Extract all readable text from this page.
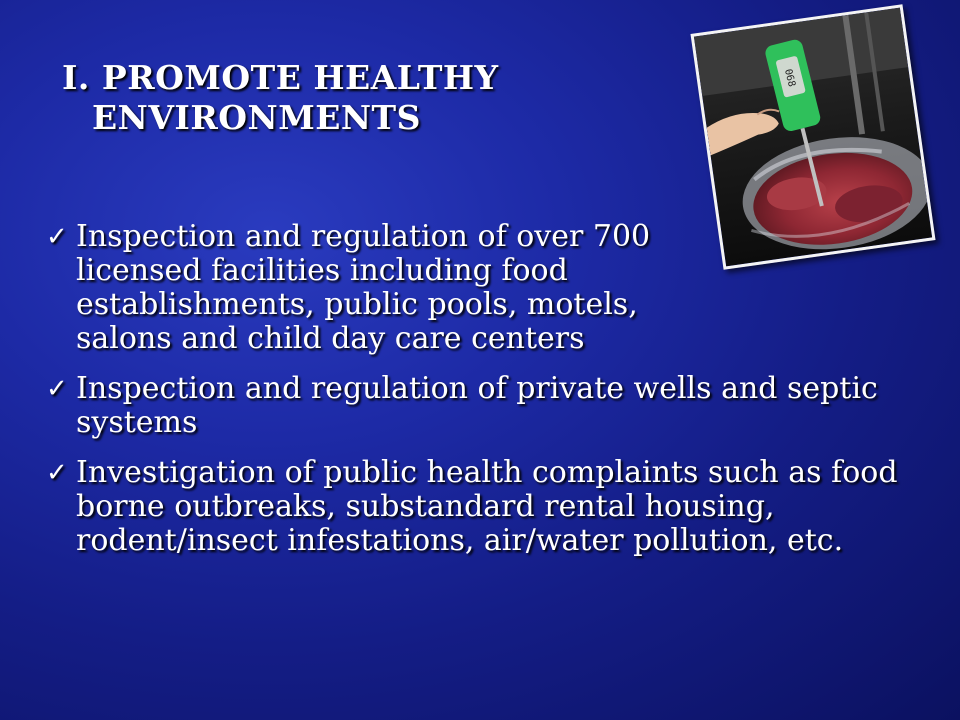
I. PROMOTE HEALTHY
ENVIRONMENTS
068
✓ Inspection and regulation of over 700 licensed facilities including food establishments, public pools, motels, salons and child day care centers
✓ Inspection and regulation of private wells and septic systems
✓ Investigation of public health complaints such as food borne outbreaks, substandard rental housing, rodent/insect infestations, air/water pollution, etc.
